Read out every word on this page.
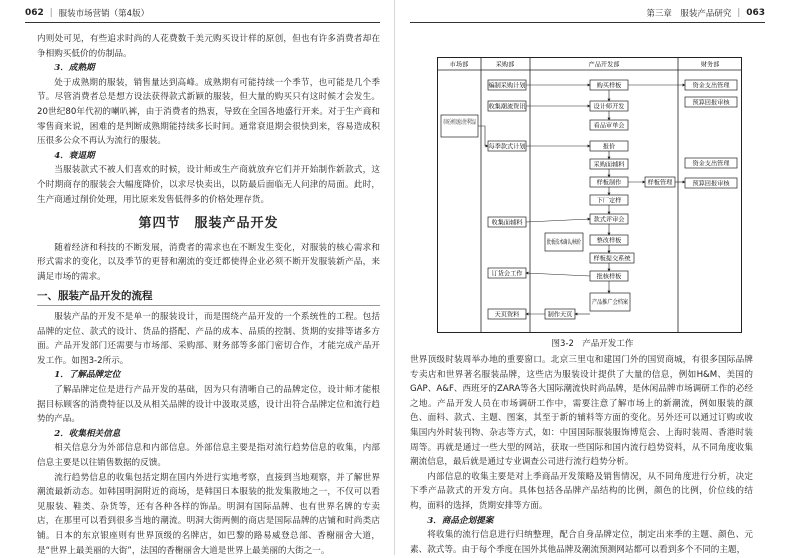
062 | 服装市场营销（第4版）

内则处可见，有些追求时尚的人花费数千美元购买设计样的原创，但也有许多消费者却在争相购买低价的仿制品。

3．成熟期

处于成熟期的服装，销售量达到高峰。成熟期有可能持续一个季节，也可能是几个季节。尽管消费者总是想方设法获得款式新颖的服装，但大量的购买只有这时候才会发生。20世纪80年代初的喇叭裤，由于消费者的热衷，导致在全国各地盛行开来。对于生产商和零售商来说，困难的是判断成熟期能持续多长时间。通常衰退期会很快到来，容易造成积压很多公众不再认为流行的服装。

4．衰退期

当服装款式不被人们喜欢的时候，设计师或生产商就放弃它们并开始制作新款式，这个时期商存的服装会大幅度降价，以求尽快卖出，以防最后面临无人问津的局面。此时，生产商通过削价处理，用比原来发售低得多的价格处理存货。

第四节　服装产品开发

随着经济和科技的不断发展，消费者的需求也在不断发生变化，对服装的核心需求和形式需求的变化，以及季节的更替和潮流的变迁都使得企业必须不断开发服装新产品，来满足市场的需求。

一、服装产品开发的流程

服装产品的开发不是单一的服装设计，而是围绕产品开发的一个系统性的工程。包括品牌的定位、款式的设计、货品的搭配、产品的成本、品质的控制、货期的安排等诸多方面。产品开发部门还需要与市场部、采购部、财务部等多部门密切合作，才能完成产品开发工作。如图3-2所示。

1．了解品牌定位

了解品牌定位是进行产品开发的基础，因为只有清晰自己的品牌定位，设计师才能根据目标顾客的消费特征以及从相关品牌的设计中汲取灵感，设计出符合品牌定位和流行趋势的产品。

2．收集相关信息

相关信息分为外部信息和内部信息。外部信息主要是指对流行趋势信息的收集，内部信息主要是以往销售数据的反馈。

流行趋势信息的收集包括定期在国内外进行实地考察，直接到当地观察，并了解世界潮流最新动态。如韩国明洞附近的商场，是韩国日本服装的批发集散地之一，不仅可以看见服装、鞋类、杂货等，还有各种各样的饰品。明洞有国际品牌、也有世界名牌的专卖店，在那里可以看到很多当地的潮流。明洞大街两侧的商店是国际品牌的店铺和时尚类店铺。日本的东京银座则有世界顶级的名牌店，如巴黎的路易威登总部、香榭丽舍大道，是“世界上最美丽的大街”，法国的香榭丽舍大道是世界上最美丽的大街之一。

第三章　服装产品研究 | 063
市场部	采购部	产品开发部	财务部
收集潮流资讯
每季款式计划
编制采购计划
收集面辅料
订货会工作
天页资料
购买样板
设计师开发
看品审单会
报价
采购面辅料
样板制作	样板管理
下厂定样
款式评审会
批板技术确认/核价
整改样板
样板提交系统
批核样板
产品推广会档案
制作天页
资金支出管理
预算回报审核
资金支出管理
预算回报审核
图3-2　产品开发工作

世界顶级时装周举办地的重要窗口。北京三里屯和建国门外的国贸商城，有很多国际品牌专卖店和世界著名服装品牌，这些店为服装设计提供了大量的信息，例如H&M、美国的GAP、A&F、西班牙的ZARA等各大国际潮流快时尚品牌，是休闲品牌市场调研工作的必经之地。产品开发人员在市场调研工作中，需要注意了解市场上的新潮流，例如服装的颜色、面料、款式、主题、图案，其至于新的辅料等方面的变化。另外还可以通过订购或收集国内外时装刊物、杂志等方式，如：中国国际服装服饰博览会、上海时装周、香港时装周等。再就是通过一些大型的网站，获取一些国际和国内流行趋势资料，从不同角度收集潮流信息，最后就是通过专业调查公司进行流行趋势分析。

内部信息的收集主要是对上季商品开发策略及销售情况，从不同角度进行分析，决定下季产品款式的开发方向。具体包括各品牌产品结构的比例，颜色的比例，价位线的结构，面料的选择，货期安排等方面。

3．商品企划提案

将收集的流行信息进行归纳整理，配合自身品牌定位，制定出来季的主题、颜色、元素、款式等。由于每个季度在国外其他品牌及潮流预测网站都可以看到多个不同的主题，
